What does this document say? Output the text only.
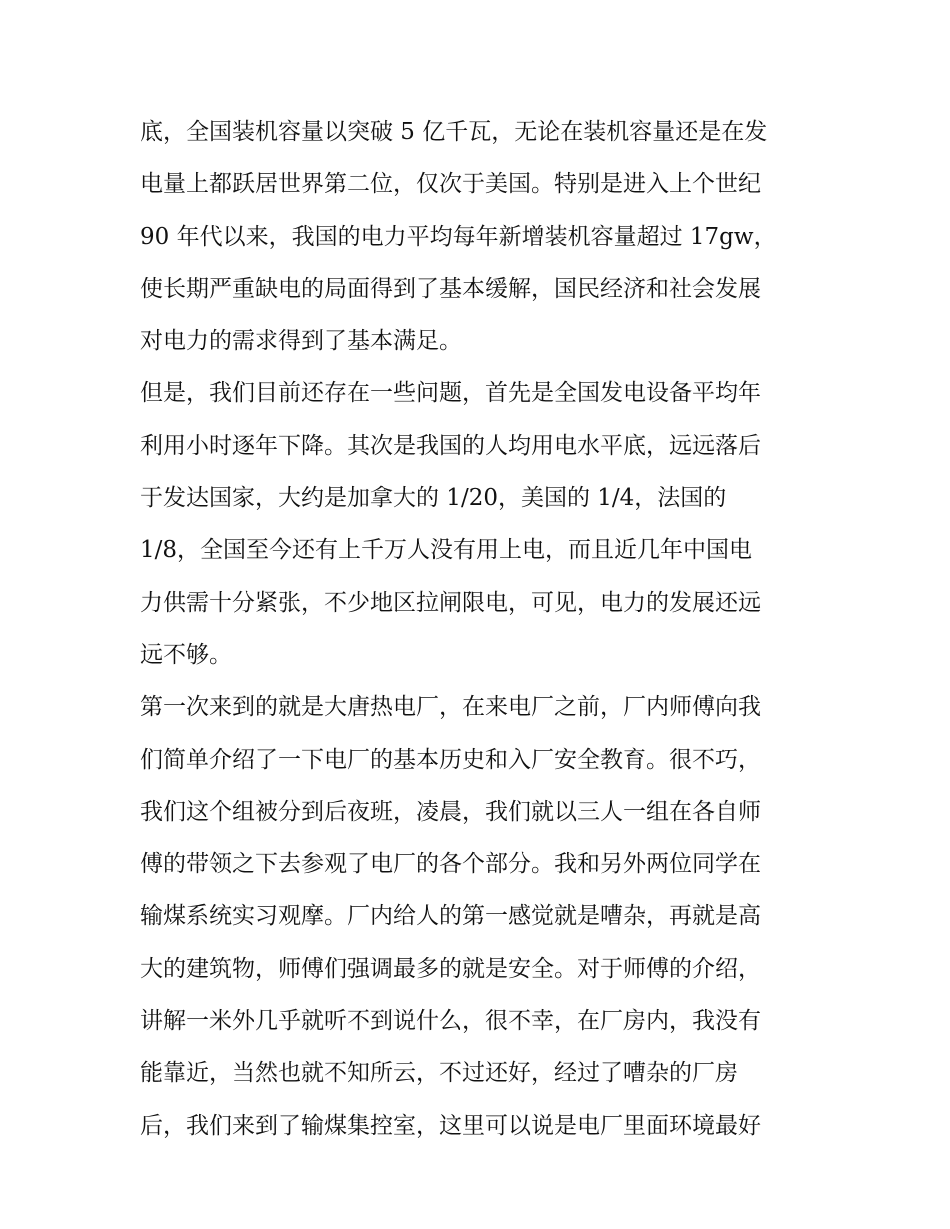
底，全国装机容量以突破 5 亿千瓦，无论在装机容量还是在发
电量上都跃居世界第二位，仅次于美国。特别是进入上个世纪
90 年代以来，我国的电力平均每年新增装机容量超过 17gw，
使长期严重缺电的局面得到了基本缓解，国民经济和社会发展
对电力的需求得到了基本满足。
但是，我们目前还存在一些问题，首先是全国发电设备平均年
利用小时逐年下降。其次是我国的人均用电水平底，远远落后
于发达国家，大约是加拿大的 1/20，美国的 1/4，法国的
1/8，全国至今还有上千万人没有用上电，而且近几年中国电
力供需十分紧张，不少地区拉闸限电，可见，电力的发展还远
远不够。
第一次来到的就是大唐热电厂，在来电厂之前，厂内师傅向我
们简单介绍了一下电厂的基本历史和入厂安全教育。很不巧，
我们这个组被分到后夜班，凌晨，我们就以三人一组在各自师
傅的带领之下去参观了电厂的各个部分。我和另外两位同学在
输煤系统实习观摩。厂内给人的第一感觉就是嘈杂，再就是高
大的建筑物，师傅们强调最多的就是安全。对于师傅的介绍，
讲解一米外几乎就听不到说什么，很不幸，在厂房内，我没有
能靠近，当然也就不知所云，不过还好，经过了嘈杂的厂房
后，我们来到了输煤集控室，这里可以说是电厂里面环境最好
